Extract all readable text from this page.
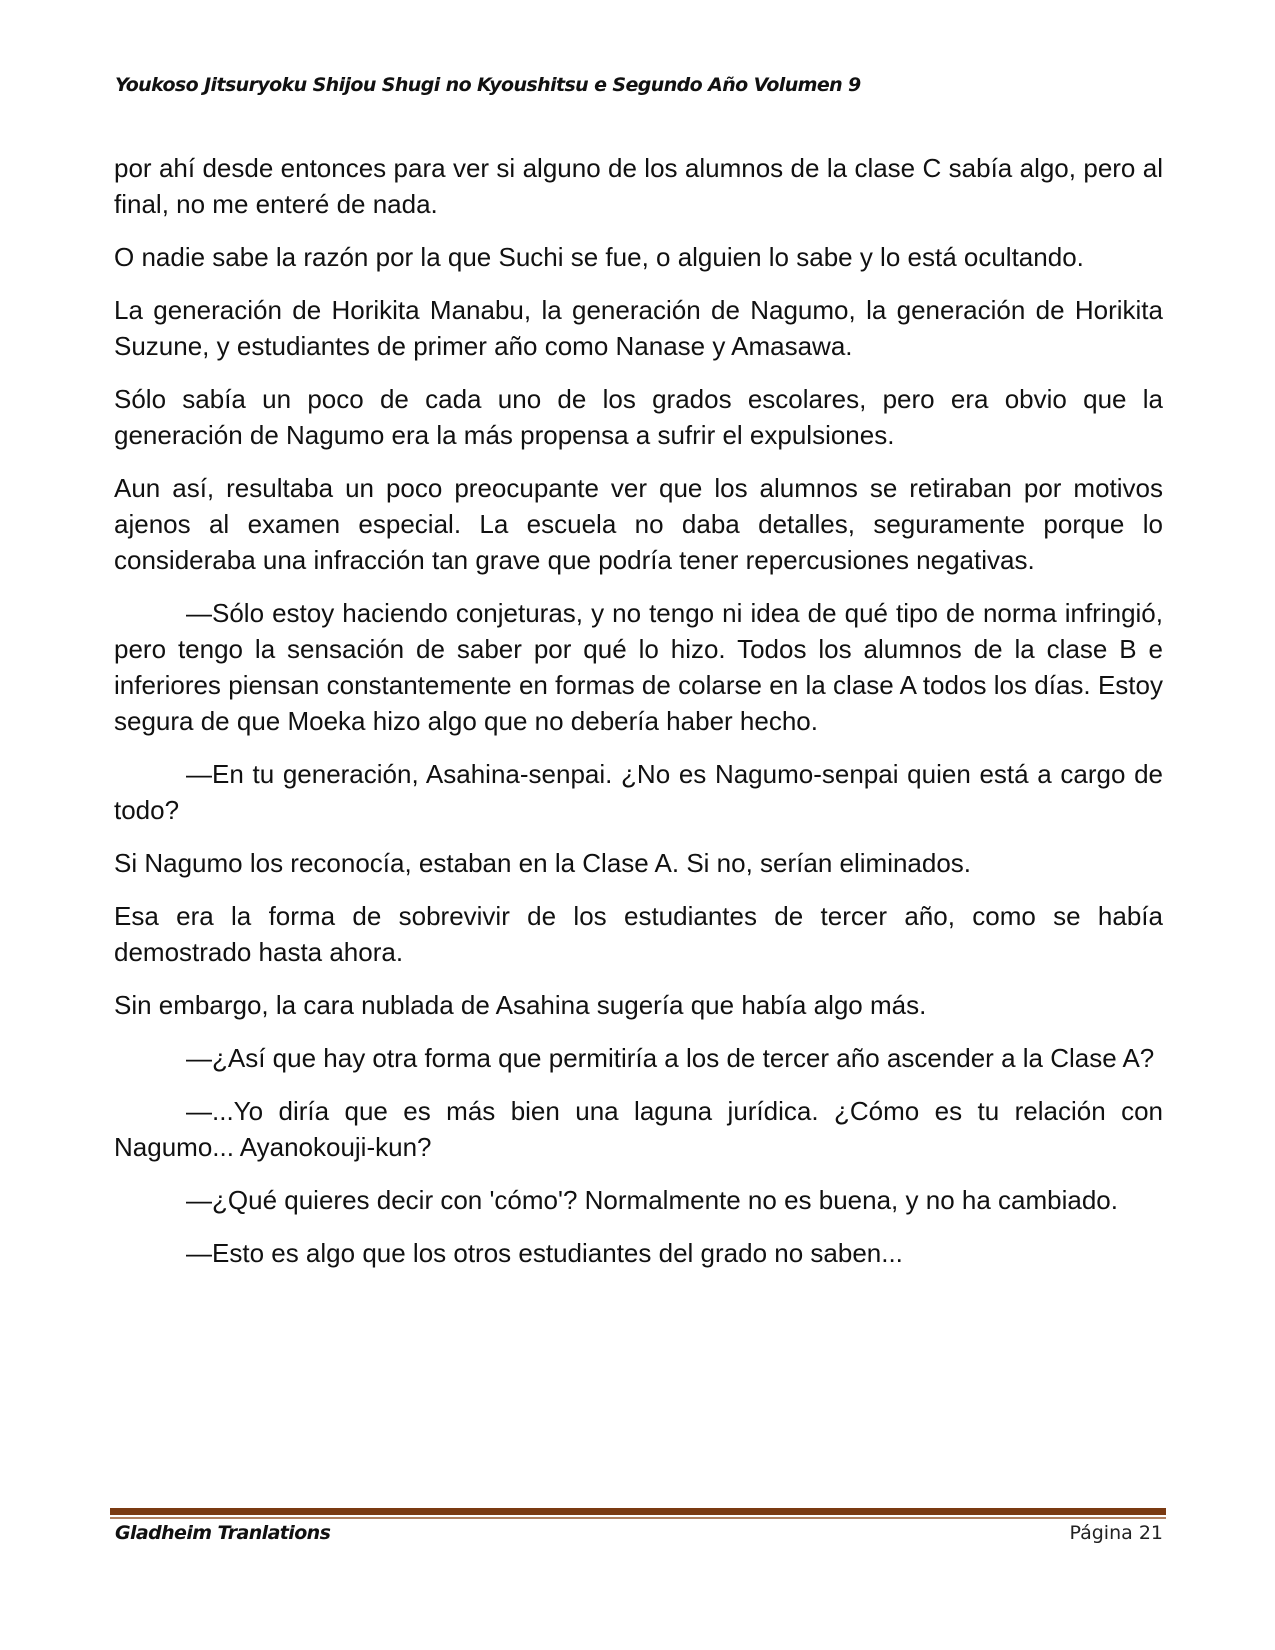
Youkoso Jitsuryoku Shijou Shugi no Kyoushitsu e Segundo Año Volumen 9

por ahí desde entonces para ver si alguno de los alumnos de la clase C sabía algo, pero al final, no me enteré de nada.

O nadie sabe la razón por la que Suchi se fue, o alguien lo sabe y lo está ocultando.

La generación de Horikita Manabu, la generación de Nagumo, la generación de Horikita Suzune, y estudiantes de primer año como Nanase y Amasawa.

Sólo sabía un poco de cada uno de los grados escolares, pero era obvio que la generación de Nagumo era la más propensa a sufrir el expulsiones.

Aun así, resultaba un poco preocupante ver que los alumnos se retiraban por motivos ajenos al examen especial. La escuela no daba detalles, seguramente porque lo consideraba una infracción tan grave que podría tener repercusiones negativas.

—Sólo estoy haciendo conjeturas, y no tengo ni idea de qué tipo de norma infringió, pero tengo la sensación de saber por qué lo hizo. Todos los alumnos de la clase B e inferiores piensan constantemente en formas de colarse en la clase A todos los días. Estoy segura de que Moeka hizo algo que no debería haber hecho.

—En tu generación, Asahina-senpai. ¿No es Nagumo-senpai quien está a cargo de todo?

Si Nagumo los reconocía, estaban en la Clase A. Si no, serían eliminados.

Esa era la forma de sobrevivir de los estudiantes de tercer año, como se había demostrado hasta ahora.

Sin embargo, la cara nublada de Asahina sugería que había algo más.

—¿Así que hay otra forma que permitiría a los de tercer año ascender a la Clase A?

—...Yo diría que es más bien una laguna jurídica. ¿Cómo es tu relación con Nagumo... Ayanokouji-kun?

—¿Qué quieres decir con 'cómo'? Normalmente no es buena, y no ha cambiado.

—Esto es algo que los otros estudiantes del grado no saben...

Gladheim Tranlations	Página 21
